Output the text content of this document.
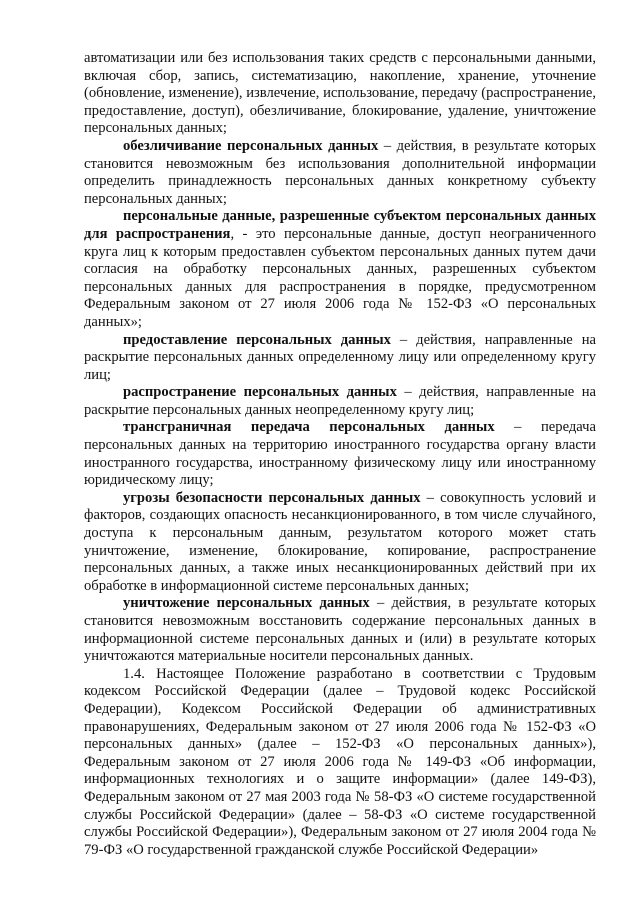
автоматизации или без использования таких средств с персональными данными, включая сбор, запись, систематизацию, накопление, хранение, уточнение (обновление, изменение), извлечение, использование, передачу (распространение, предоставление, доступ), обезличивание, блокирование, удаление, уничтожение персональных данных;

обезличивание персональных данных – действия, в результате которых становится невозможным без использования дополнительной информации определить принадлежность персональных данных конкретному субъекту персональных данных;

персональные данные, разрешенные субъектом персональных данных для распространения, - это персональные данные, доступ неограниченного круга лиц к которым предоставлен субъектом персональных данных путем дачи согласия на обработку персональных данных, разрешенных субъектом персональных данных для распространения в порядке, предусмотренном Федеральным законом от 27 июля 2006 года № 152-ФЗ «О персональных данных»;

предоставление персональных данных – действия, направленные на раскрытие персональных данных определенному лицу или определенному кругу лиц;

распространение персональных данных – действия, направленные на раскрытие персональных данных неопределенному кругу лиц;

трансграничная передача персональных данных – передача персональных данных на территорию иностранного государства органу власти иностранного государства, иностранному физическому лицу или иностранному юридическому лицу;

угрозы безопасности персональных данных – совокупность условий и факторов, создающих опасность несанкционированного, в том числе случайного, доступа к персональным данным, результатом которого может стать уничтожение, изменение, блокирование, копирование, распространение персональных данных, а также иных несанкционированных действий при их обработке в информационной системе персональных данных;

уничтожение персональных данных – действия, в результате которых становится невозможным восстановить содержание персональных данных в информационной системе персональных данных и (или) в результате которых уничтожаются материальные носители персональных данных.

1.4. Настоящее Положение разработано в соответствии с Трудовым кодексом Российской Федерации (далее – Трудовой кодекс Российской Федерации), Кодексом Российской Федерации об административных правонарушениях, Федеральным законом от 27 июля 2006 года № 152-ФЗ «О персональных данных» (далее – 152-ФЗ «О персональных данных»), Федеральным законом от 27 июля 2006 года № 149-ФЗ «Об информации, информационных технологиях и о защите информации» (далее 149-ФЗ), Федеральным законом от 27 мая 2003 года № 58-ФЗ «О системе государственной службы Российской Федерации» (далее – 58-ФЗ «О системе государственной службы Российской Федерации»), Федеральным законом от 27 июля 2004 года № 79-ФЗ «О государственной гражданской службе Российской Федерации»
